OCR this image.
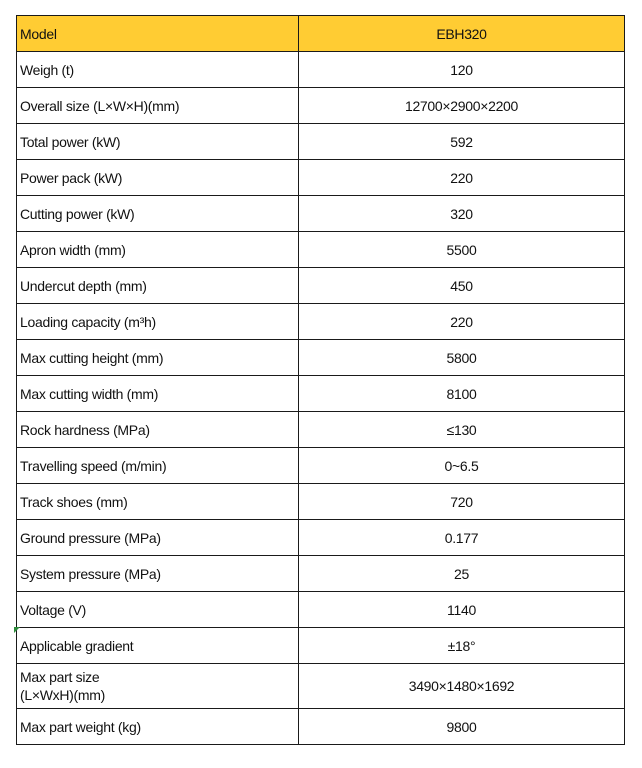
Model	EBH320
Weigh (t)	120
Overall size (L×W×H)(mm)	12700×2900×2200
Total power (kW)	592
Power pack (kW)	220
Cutting power (kW)	320
Apron width (mm)	5500
Undercut depth (mm)	450
Loading capacity (m³h)	220
Max cutting height (mm)	5800
Max cutting width (mm)	8100
Rock hardness (MPa)	≤130
Travelling speed (m/min)	0~6.5
Track shoes (mm)	720
Ground pressure (MPa)	0.177
System pressure (MPa)	25
Voltage (V)	1140
Applicable gradient	±18°
Max part size
(L×WxH)(mm)	3490×1480×1692
Max part weight (kg)	9800
